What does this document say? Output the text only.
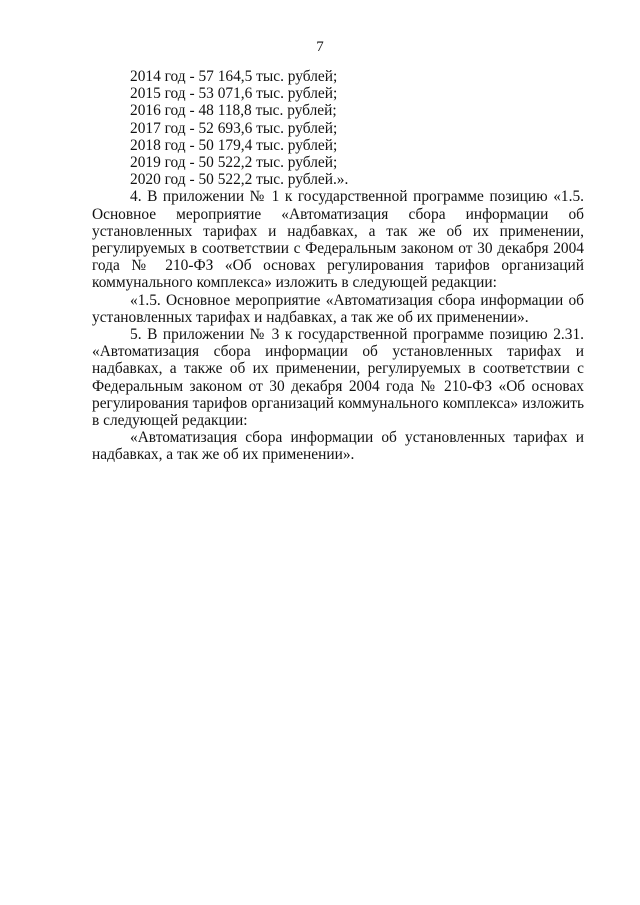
7

2014 год - 57 164,5 тыс. рублей;

2015 год - 53 071,6 тыс. рублей;

2016 год - 48 118,8 тыс. рублей;

2017 год - 52 693,6 тыс. рублей;

2018 год - 50 179,4 тыс. рублей;

2019 год - 50 522,2 тыс. рублей;

2020 год - 50 522,2 тыс. рублей.».

4. В приложении № 1 к государственной программе позицию «1.5. Основное мероприятие «Автоматизация сбора информации об установленных тарифах и надбавках, а так же об их применении, регулируемых в соответствии с Федеральным законом от 30 декабря 2004 года № 210-ФЗ «Об основах регулирования тарифов организаций коммунального комплекса» изложить в следующей редакции:

«1.5. Основное мероприятие «Автоматизация сбора информации об установленных тарифах и надбавках, а так же об их применении».

5. В приложении № 3 к государственной программе позицию 2.31. «Автоматизация сбора информации об установленных тарифах и надбавках, а также об их применении, регулируемых в соответствии с Федеральным законом от 30 декабря 2004 года № 210-ФЗ «Об основах регулирования тарифов организаций коммунального комплекса» изложить в следующей редакции:

«Автоматизация сбора информации об установленных тарифах и надбавках, а так же об их применении».
